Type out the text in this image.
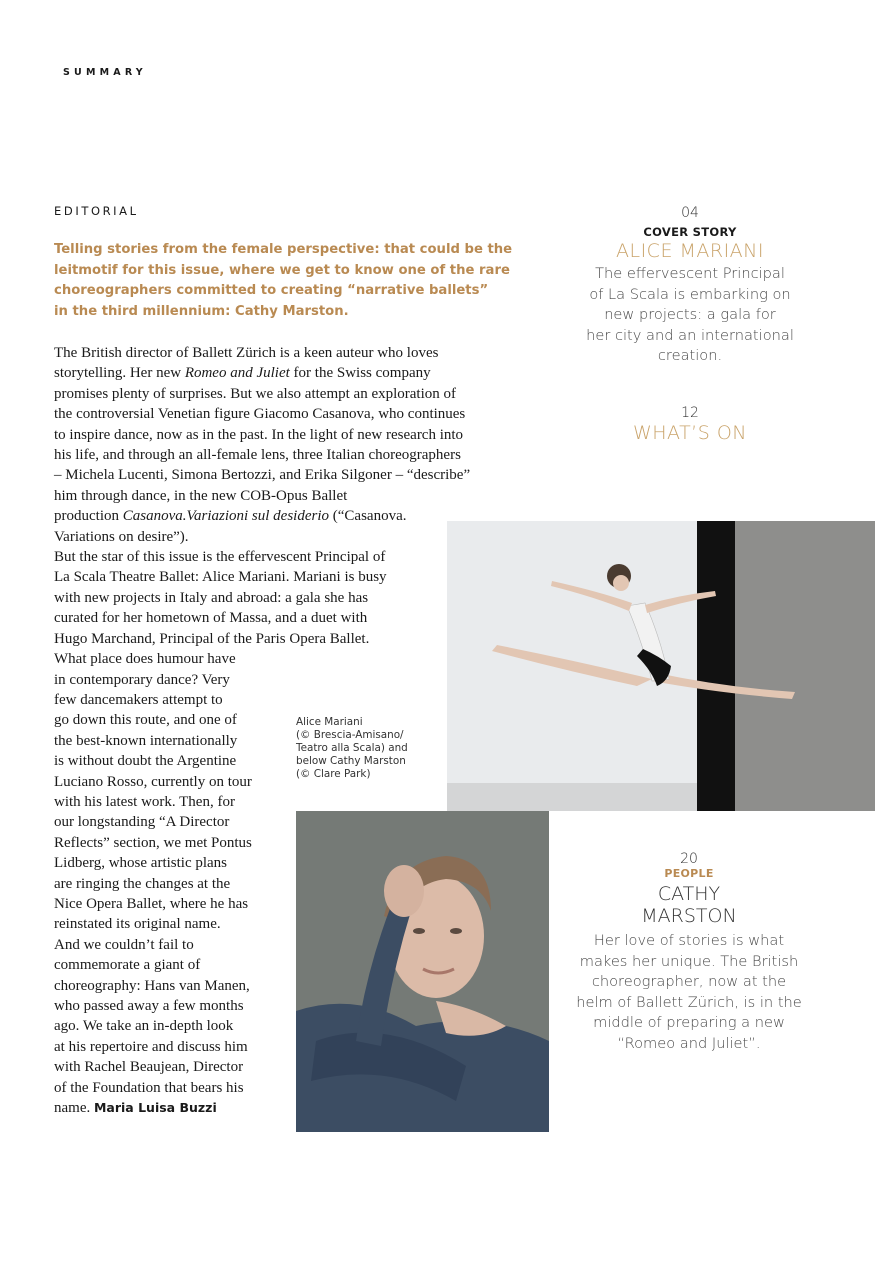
SUMMARY
EDITORIAL
Telling stories from the female perspective: that could be the
leitmotif for this issue, where we get to know one of the rare
choreographers committed to creating “narrative ballets”
in the third millennium: Cathy Marston.
The British director of Ballett Zürich is a keen auteur who loves
storytelling. Her new Romeo and Juliet for the Swiss company
promises plenty of surprises. But we also attempt an exploration of
the controversial Venetian figure Giacomo Casanova, who continues
to inspire dance, now as in the past. In the light of new research into
his life, and through an all-female lens, three Italian choreographers
– Michela Lucenti, Simona Bertozzi, and Erika Silgoner – “describe”
him through dance, in the new COB-Opus Ballet
production Casanova.Variazioni sul desiderio (“Casanova.
Variations on desire”).
But the star of this issue is the effervescent Principal of
La Scala Theatre Ballet: Alice Mariani. Mariani is busy
with new projects in Italy and abroad: a gala she has
curated for her hometown of Massa, and a duet with
Hugo Marchand, Principal of the Paris Opera Ballet.
What place does humour have
in contemporary dance? Very
few dancemakers attempt to
go down this route, and one of
the best-known internationally
is without doubt the Argentine
Luciano Rosso, currently on tour
with his latest work. Then, for
our longstanding “A Director
Reflects” section, we met Pontus
Lidberg, whose artistic plans
are ringing the changes at the
Nice Opera Ballet, where he has
reinstated its original name.
And we couldn’t fail to
commemorate a giant of
choreography: Hans van Manen,
who passed away a few months
ago. We take an in-depth look
at his repertoire and discuss him
with Rachel Beaujean, Director
of the Foundation that bears his
name. Maria Luisa Buzzi
04
COVER STORY
ALICE MARIANI
The effervescent Principal
of La Scala is embarking on
new projects: a gala for
her city and an international
creation.
12
WHAT’S ON
Alice Mariani
(© Brescia-Amisano/
Teatro alla Scala) and
below Cathy Marston
(© Clare Park)
20
PEOPLE
CATHY
MARSTON
Her love of stories is what
makes her unique. The British
choreographer, now at the
helm of Ballett Zürich, is in the
middle of preparing a new
“Romeo and Juliet”.
